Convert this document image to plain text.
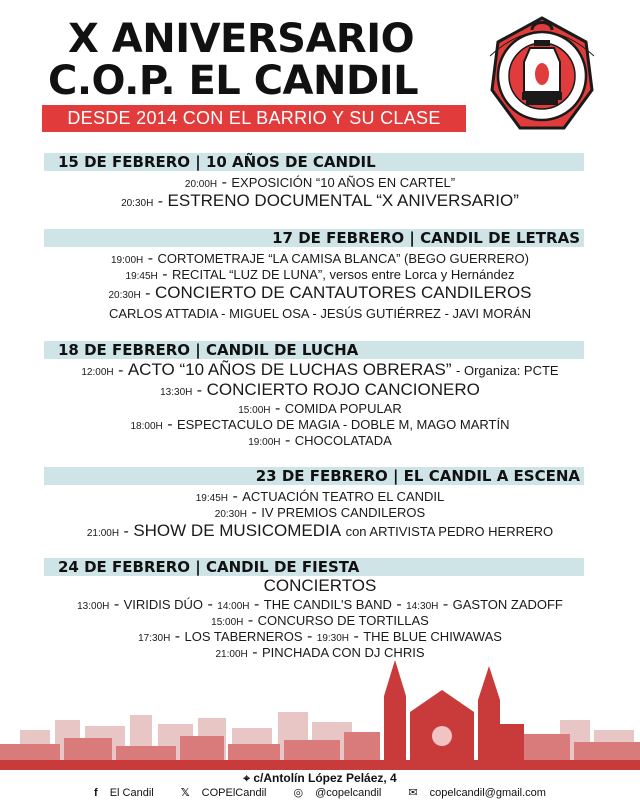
X ANIVERSARIO
C.O.P. EL CANDIL
DESDE 2014 CON EL BARRIO Y SU CLASE
15 DE FEBRERO | 10 AÑOS DE CANDIL
20:00H - EXPOSICIÓN “10 AÑOS EN CARTEL”
20:30H - ESTRENO DOCUMENTAL “X ANIVERSARIO”
17 DE FEBRERO | CANDIL DE LETRAS
19:00H - CORTOMETRAJE “LA CAMISA BLANCA” (BEGO GUERRERO)
19:45H - RECITAL “LUZ DE LUNA”, versos entre Lorca y Hernández
20:30H - CONCIERTO DE CANTAUTORES CANDILEROS
CARLOS ATTADIA - MIGUEL OSA - JESÚS GUTIÉRREZ - JAVI MORÁN
18 DE FEBRERO | CANDIL DE LUCHA
12:00H - ACTO “10 AÑOS DE LUCHAS OBRERAS” - Organiza: PCTE
13:30H - CONCIERTO ROJO CANCIONERO
15:00H - COMIDA POPULAR
18:00H - ESPECTACULO DE MAGIA - DOBLE M, MAGO MARTÍN
19:00H - CHOCOLATADA
23 DE FEBRERO | EL CANDIL A ESCENA
19:45H - ACTUACIÓN TEATRO EL CANDIL
20:30H - IV PREMIOS CANDILEROS
21:00H - SHOW DE MUSICOMEDIA con ARTIVISTA PEDRO HERRERO
24 DE FEBRERO | CANDIL DE FIESTA
CONCIERTOS
13:00H - VIRIDIS DÚO - 14:00H - THE CANDIL'S BAND - 14:30H - GASTON ZADOFF
15:00H - CONCURSO DE TORTILLAS
17:30H - LOS TABERNEROS - 19:30H - THE BLUE CHIWAWAS
21:00H - PINCHADA CON DJ CHRIS
⌖ c/Antolín López Peláez, 4
f El Candil 𝕏 COPElCandil ◎ @copelcandil ✉ copelcandil@gmail.com
